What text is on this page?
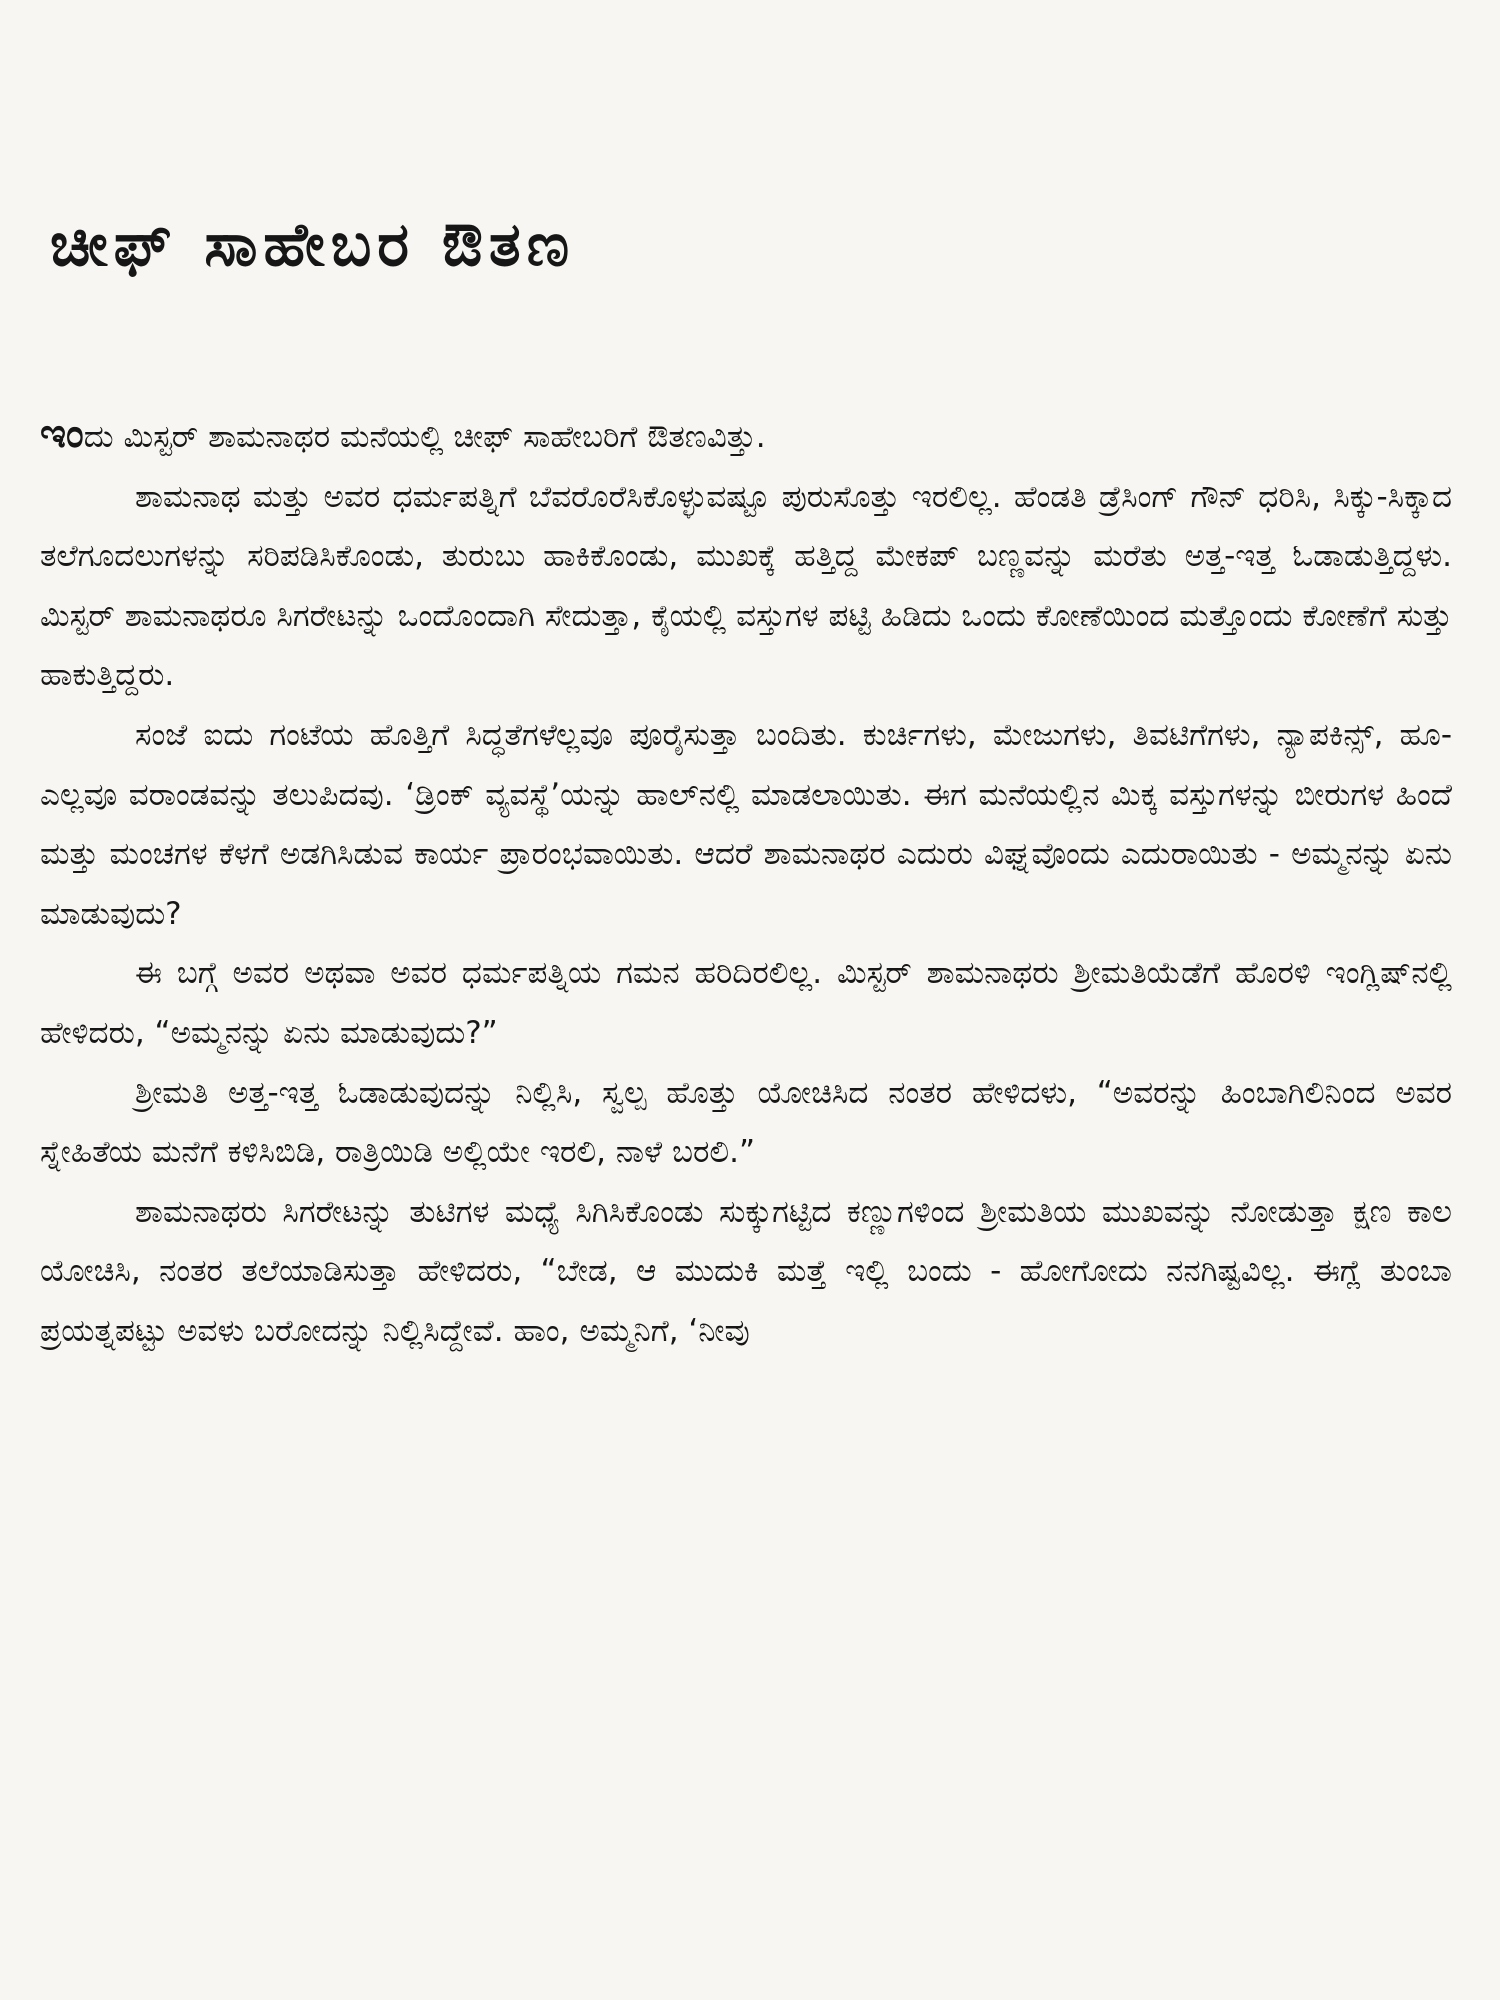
ಚೀಫ್ ಸಾಹೇಬರ ಔತಣ

ಇಂದು ಮಿಸ್ಟರ್ ಶಾಮನಾಥರ ಮನೆಯಲ್ಲಿ ಚೀಫ್ ಸಾಹೇಬರಿಗೆ ಔತಣವಿತ್ತು.

ಶಾಮನಾಥ ಮತ್ತು ಅವರ ಧರ್ಮಪತ್ನಿಗೆ ಬೆವರೊರೆಸಿಕೊಳ್ಳುವಷ್ಟೂ ಪುರುಸೊತ್ತು ಇರಲಿಲ್ಲ. ಹೆಂಡತಿ ಡ್ರೆಸಿಂಗ್ ಗೌನ್ ಧರಿಸಿ, ಸಿಕ್ಕು-ಸಿಕ್ಕಾದ ತಲೆಗೂದಲುಗಳನ್ನು ಸರಿಪಡಿಸಿಕೊಂಡು, ತುರುಬು ಹಾಕಿಕೊಂಡು, ಮುಖಕ್ಕೆ ಹತ್ತಿದ್ದ ಮೇಕಪ್ ಬಣ್ಣವನ್ನು ಮರೆತು ಅತ್ತ-ಇತ್ತ ಓಡಾಡುತ್ತಿದ್ದಳು. ಮಿಸ್ಟರ್ ಶಾಮನಾಥರೂ ಸಿಗರೇಟನ್ನು ಒಂದೊಂದಾಗಿ ಸೇದುತ್ತಾ, ಕೈಯಲ್ಲಿ ವಸ್ತುಗಳ ಪಟ್ಟಿ ಹಿಡಿದು ಒಂದು ಕೋಣೆಯಿಂದ ಮತ್ತೊಂದು ಕೋಣೆಗೆ ಸುತ್ತು ಹಾಕುತ್ತಿದ್ದರು.

ಸಂಜೆ ಐದು ಗಂಟೆಯ ಹೊತ್ತಿಗೆ ಸಿದ್ಧತೆಗಳೆಲ್ಲವೂ ಪೂರೈಸುತ್ತಾ ಬಂದಿತು. ಕುರ್ಚಿಗಳು, ಮೇಜುಗಳು, ತಿವಟಿಗೆಗಳು, ನ್ಯಾಪಕಿನ್ಸ್, ಹೂ-ಎಲ್ಲವೂ ವರಾಂಡವನ್ನು ತಲುಪಿದವು. ‘ಡ್ರಿಂಕ್ ವ್ಯವಸ್ಥೆ’ಯನ್ನು ಹಾಲ್‌ನಲ್ಲಿ ಮಾಡಲಾಯಿತು. ಈಗ ಮನೆಯಲ್ಲಿನ ಮಿಕ್ಕ ವಸ್ತುಗಳನ್ನು ಬೀರುಗಳ ಹಿಂದೆ ಮತ್ತು ಮಂಚಗಳ ಕೆಳಗೆ ಅಡಗಿಸಿಡುವ ಕಾರ್ಯ ಪ್ರಾರಂಭವಾಯಿತು. ಆದರೆ ಶಾಮನಾಥರ ಎದುರು ವಿಘ್ನವೊಂದು ಎದುರಾಯಿತು - ಅಮ್ಮನನ್ನು ಏನು ಮಾಡುವುದು?

ಈ ಬಗ್ಗೆ ಅವರ ಅಥವಾ ಅವರ ಧರ್ಮಪತ್ನಿಯ ಗಮನ ಹರಿದಿರಲಿಲ್ಲ. ಮಿಸ್ಟರ್ ಶಾಮನಾಥರು ಶ್ರೀಮತಿಯೆಡೆಗೆ ಹೊರಳಿ ಇಂಗ್ಲಿಷ್‌ನಲ್ಲಿ ಹೇಳಿದರು, “ಅಮ್ಮನನ್ನು ಏನು ಮಾಡುವುದು?”

ಶ್ರೀಮತಿ ಅತ್ತ-ಇತ್ತ ಓಡಾಡುವುದನ್ನು ನಿಲ್ಲಿಸಿ, ಸ್ವಲ್ಪ ಹೊತ್ತು ಯೋಚಿಸಿದ ನಂತರ ಹೇಳಿದಳು, “ಅವರನ್ನು ಹಿಂಬಾಗಿಲಿನಿಂದ ಅವರ ಸ್ನೇಹಿತೆಯ ಮನೆಗೆ ಕಳಿಸಿಬಿಡಿ, ರಾತ್ರಿಯಿಡಿ ಅಲ್ಲಿಯೇ ಇರಲಿ, ನಾಳೆ ಬರಲಿ.”

ಶಾಮನಾಥರು ಸಿಗರೇಟನ್ನು ತುಟಿಗಳ ಮಧ್ಯೆ ಸಿಗಿಸಿಕೊಂಡು ಸುಕ್ಕುಗಟ್ಟಿದ ಕಣ್ಣುಗಳಿಂದ ಶ್ರೀಮತಿಯ ಮುಖವನ್ನು ನೋಡುತ್ತಾ ಕ್ಷಣ ಕಾಲ ಯೋಚಿಸಿ, ನಂತರ ತಲೆಯಾಡಿಸುತ್ತಾ ಹೇಳಿದರು, “ಬೇಡ, ಆ ಮುದುಕಿ ಮತ್ತೆ ಇಲ್ಲಿ ಬಂದು - ಹೋಗೋದು ನನಗಿಷ್ಟವಿಲ್ಲ. ಈಗ್ಲೆ ತುಂಬಾ ಪ್ರಯತ್ನಪಟ್ಟು ಅವಳು ಬರೋದನ್ನು ನಿಲ್ಲಿಸಿದ್ದೇವೆ. ಹಾಂ, ಅಮ್ಮನಿಗೆ, ‘ನೀವು
